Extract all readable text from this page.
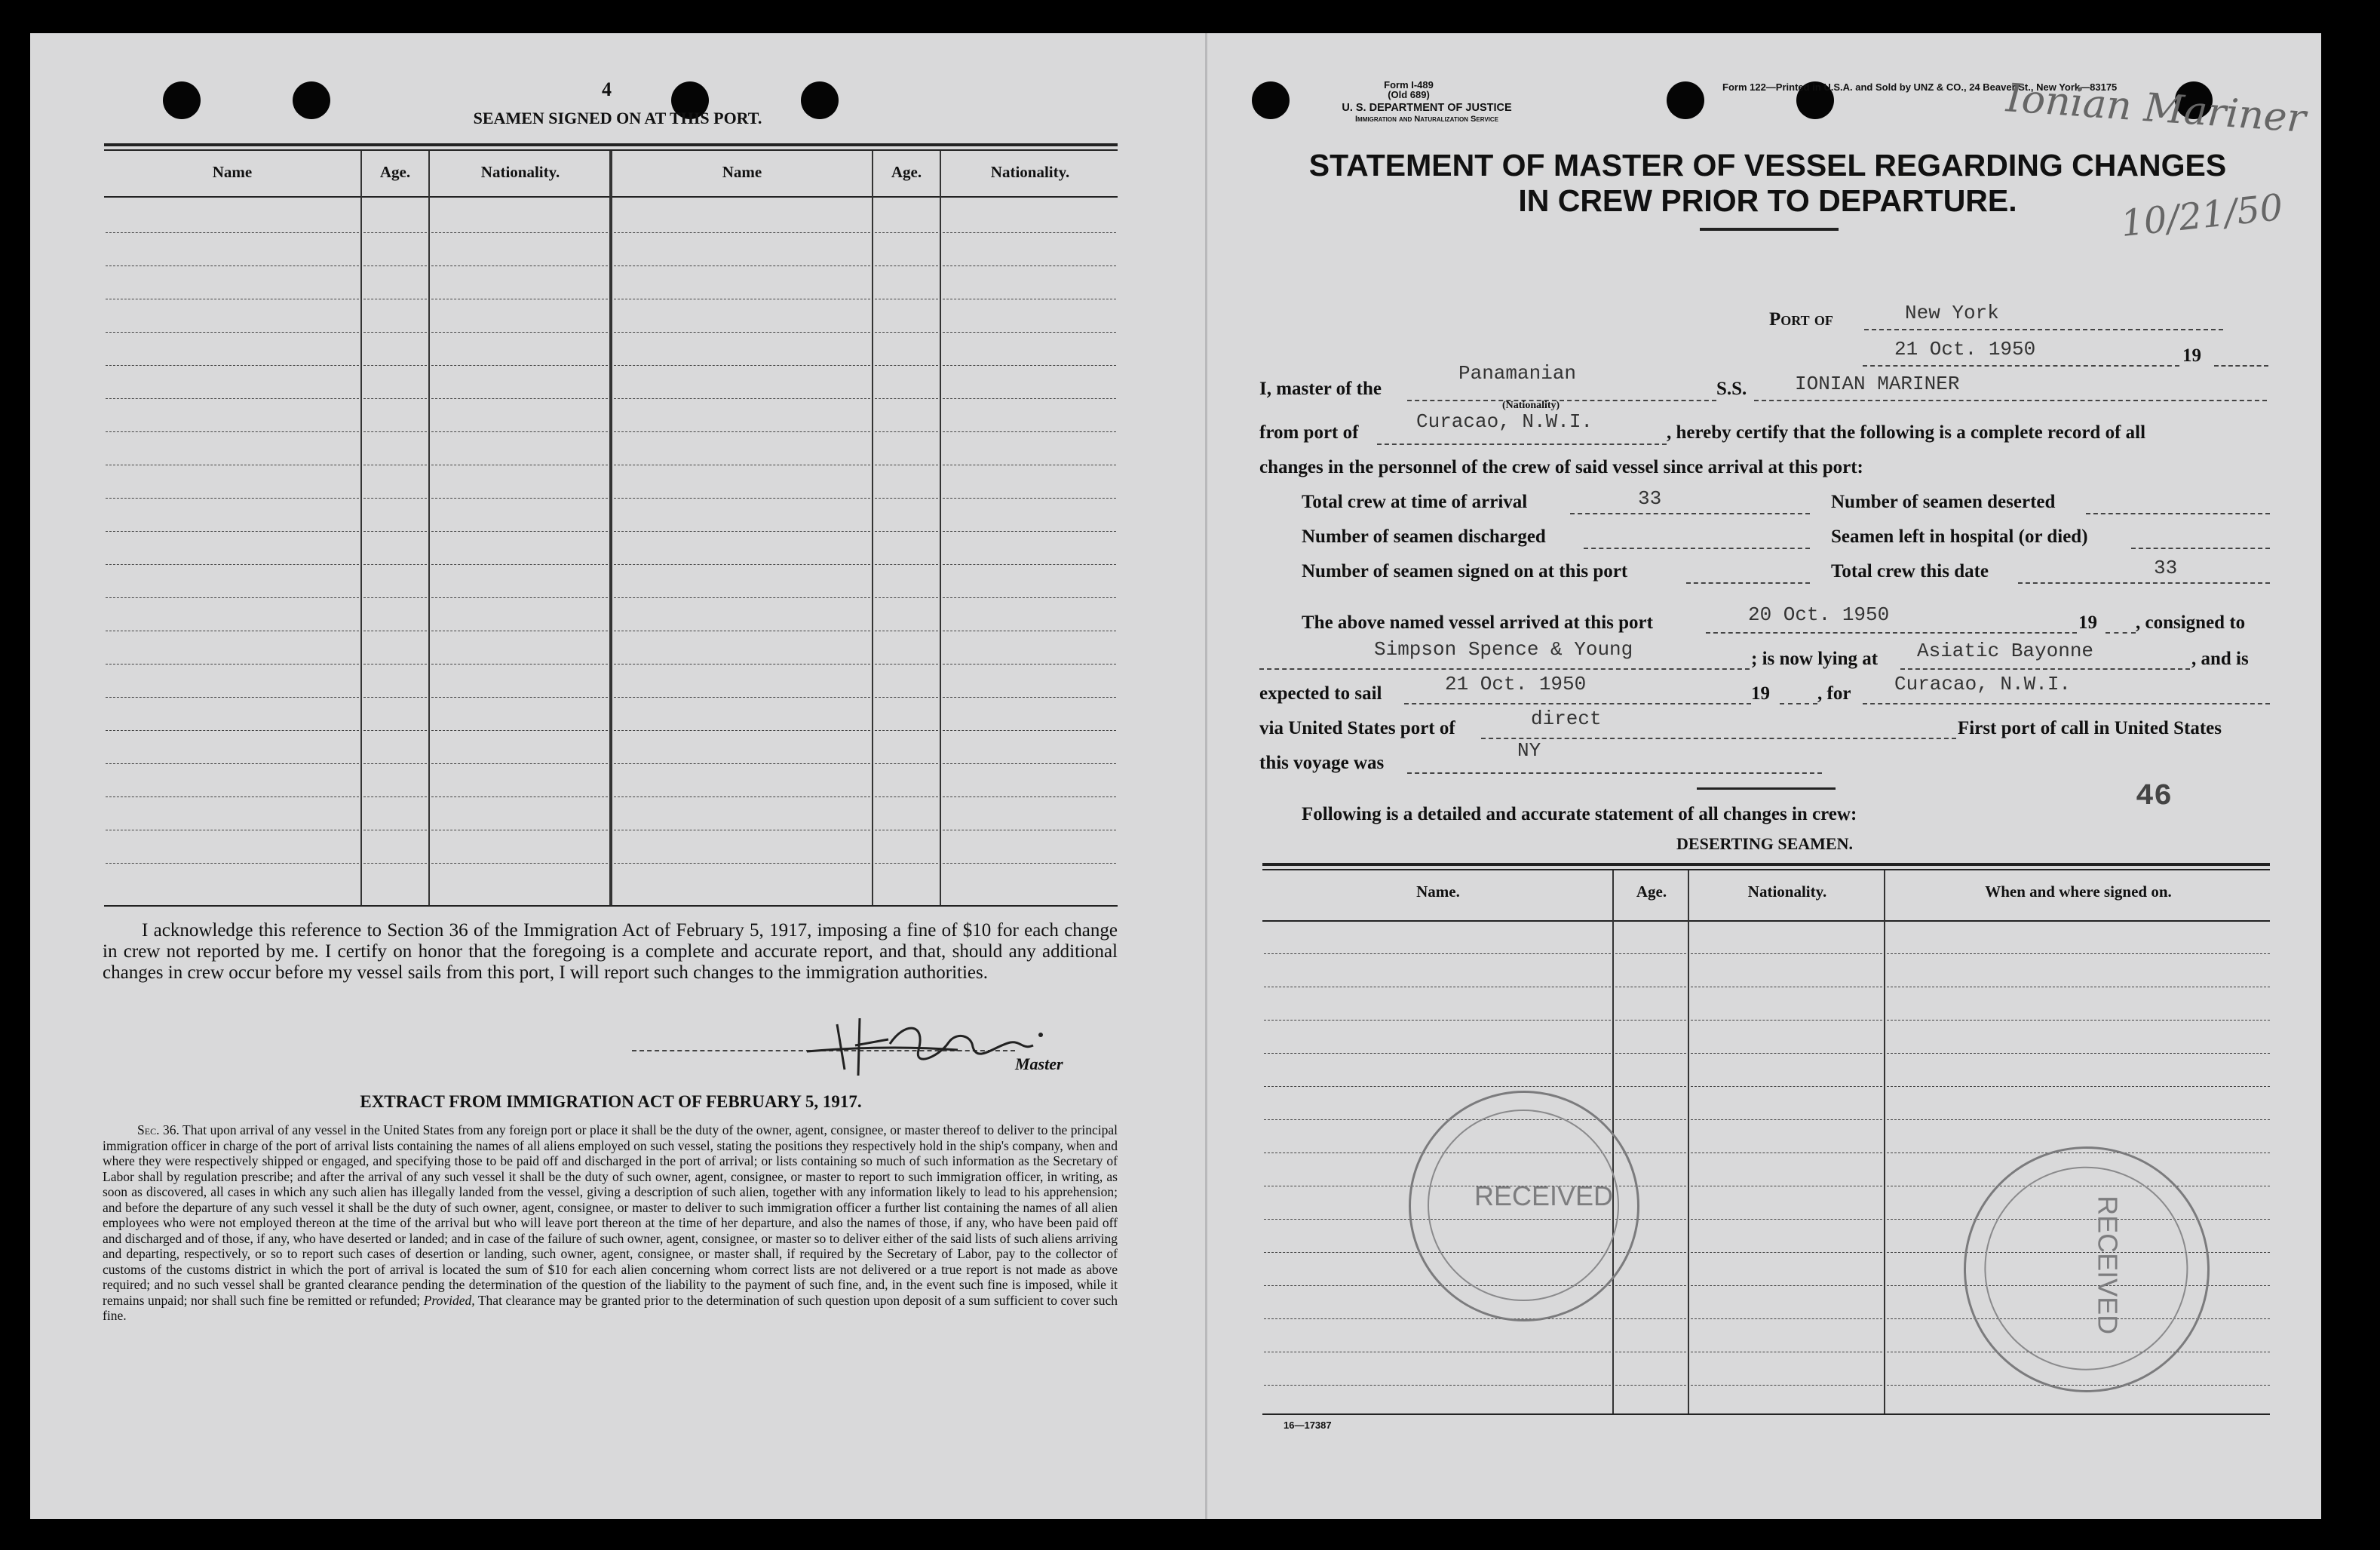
4
SEAMEN SIGNED ON AT THIS PORT.
Name	Age.	Nationality.	Name	Age.	Nationality.
I acknowledge this reference to Section 36 of the Immigration Act of February 5, 1917, imposing a fine of $10 for each change in crew not reported by me. I certify on honor that the foregoing is a complete and accurate report, and that, should any additional changes in crew occur before my vessel sails from this port, I will report such changes to the immigration authorities.
Master
EXTRACT FROM IMMIGRATION ACT OF FEBRUARY 5, 1917.
Sec. 36. That upon arrival of any vessel in the United States from any foreign port or place it shall be the duty of the owner, agent, consignee, or master thereof to deliver to the principal immigration officer in charge of the port of arrival lists containing the names of all aliens employed on such vessel, stating the positions they respectively hold in the ship's company, when and where they were respectively shipped or engaged, and specifying those to be paid off and discharged in the port of arrival; or lists containing so much of such information as the Secretary of Labor shall by regulation prescribe; and after the arrival of any such vessel it shall be the duty of such owner, agent, consignee, or master to report to such immigration officer, in writing, as soon as discovered, all cases in which any such alien has illegally landed from the vessel, giving a description of such alien, together with any information likely to lead to his apprehension; and before the departure of any such vessel it shall be the duty of such owner, agent, consignee, or master to deliver to such immigration officer a further list containing the names of all alien employees who were not employed thereon at the time of the arrival but who will leave port thereon at the time of her departure, and also the names of those, if any, who have been paid off and discharged and of those, if any, who have deserted or landed; and in case of the failure of such owner, agent, consignee, or master so to deliver either of the said lists of such aliens arriving and departing, respectively, or so to report such cases of desertion or landing, such owner, agent, consignee, or master shall, if required by the Secretary of Labor, pay to the collector of customs of the customs district in which the port of arrival is located the sum of $10 for each alien concerning whom correct lists are not delivered or a true report is not made as above required; and no such vessel shall be granted clearance pending the determination of the question of the liability to the payment of such fine, and, in the event such fine is imposed, while it remains unpaid; nor shall such fine be remitted or refunded; Provided, That clearance may be granted prior to the determination of such question upon deposit of a sum sufficient to cover such fine.
Form I-489
(Old 689)
U. S. DEPARTMENT OF JUSTICE
Immigration and Naturalization Service
Form 122—Printed in U.S.A. and Sold by UNZ & CO., 24 Beaver St., New York—83175
Ionian Mariner
10/21/50
STATEMENT OF MASTER OF VESSEL REGARDING CHANGES
IN CREW PRIOR TO DEPARTURE.
Port of	New York
21 Oct. 1950	19
I, master of the
Panamanian
(Nationality)
S.S. IONIAN MARINER
from port of	Curacao, N.W.I.	, hereby certify that the following is a complete record of all
changes in the personnel of the crew of said vessel since arrival at this port:
Total crew at time of arrival	33	Number of seamen deserted
Number of seamen discharged	Seamen left in hospital (or died)
Number of seamen signed on at this port	Total crew this date	33
The above named vessel arrived at this port	20 Oct. 1950	19 , consigned to
Simpson Spence & Young	; is now lying at Asiatic Bayonne	, and is
expected to sail	21 Oct. 1950	19	, for Curacao, N.W.I.
via United States port of	direct	First port of call in United States
this voyage was
NY
46
Following is a detailed and accurate statement of all changes in crew:
DESERTING SEAMEN.
Name.	Age.	Nationality.	When and where signed on.
16—17387
RECEIVED	RECEIVED
